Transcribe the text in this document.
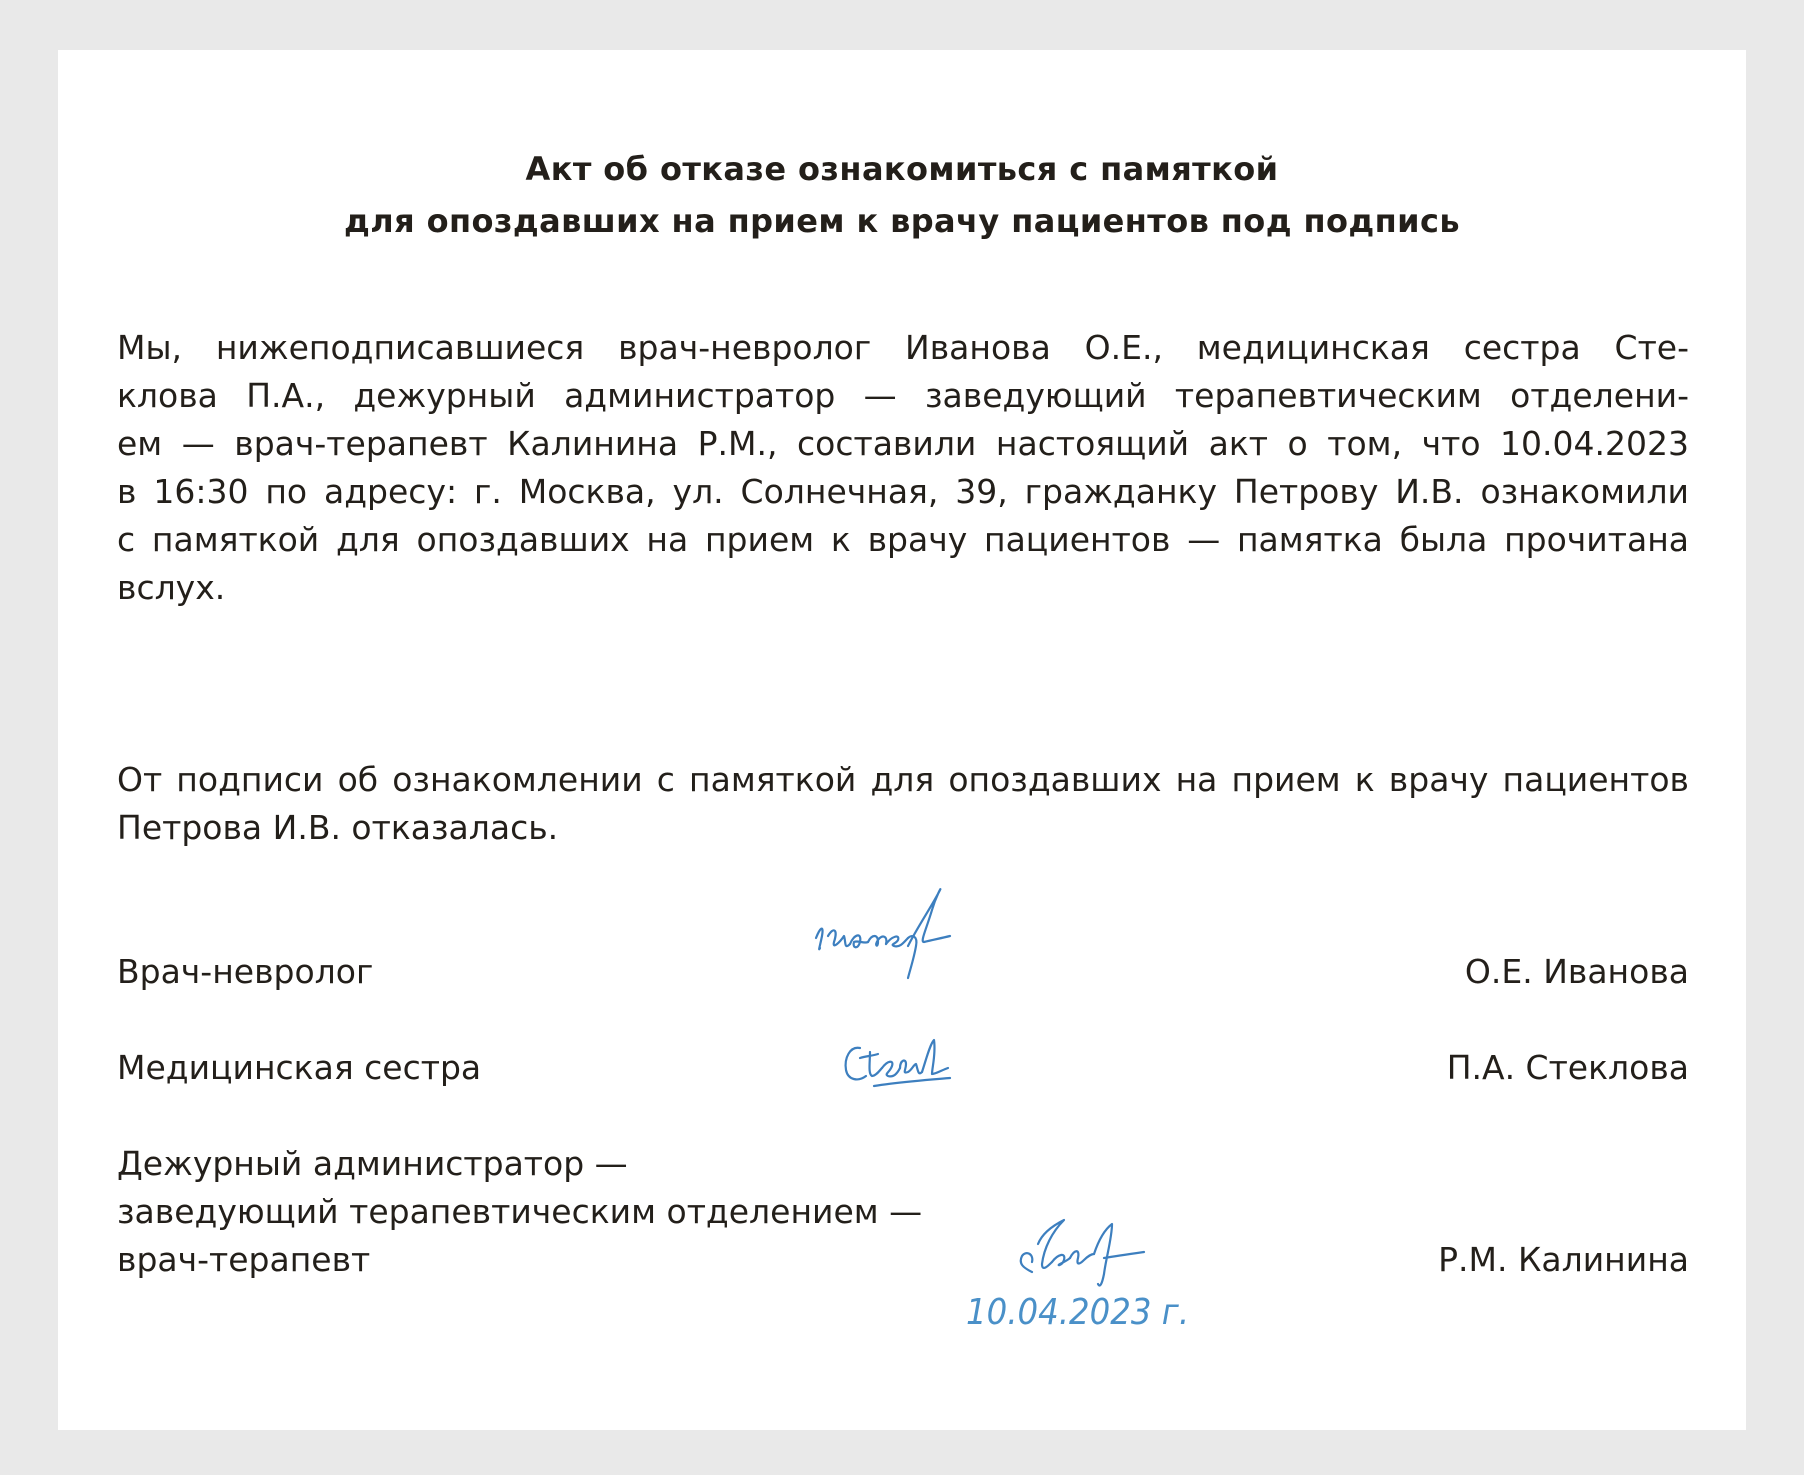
Акт об отказе ознакомиться с памяткой
для опоздавших на прием к врачу пациентов под подпись
Мы, нижеподписавшиеся врач-невролог Иванова О.Е., медицинская сестра Сте-
клова П.А., дежурный администратор — заведующий терапевтическим отделени-
ем — врач-терапевт Калинина Р.М., составили настоящий акт о том, что 10.04.2023
в 16:30 по адресу: г. Москва, ул. Солнечная, 39, гражданку Петрову И.В. ознакомили
с памяткой для опоздавших на прием к врачу пациентов — памятка была прочитана
вслух.
От подписи об ознакомлении с памяткой для опоздавших на прием к врачу пациентов
Петрова И.В. отказалась.
Врач-невролог	О.Е. Иванова
Медицинская сестра	П.А. Стеклова
Дежурный администратор —
заведующий терапевтическим отделением —
врач-терапевт	Р.М. Калинина
10.04.2023 г.
